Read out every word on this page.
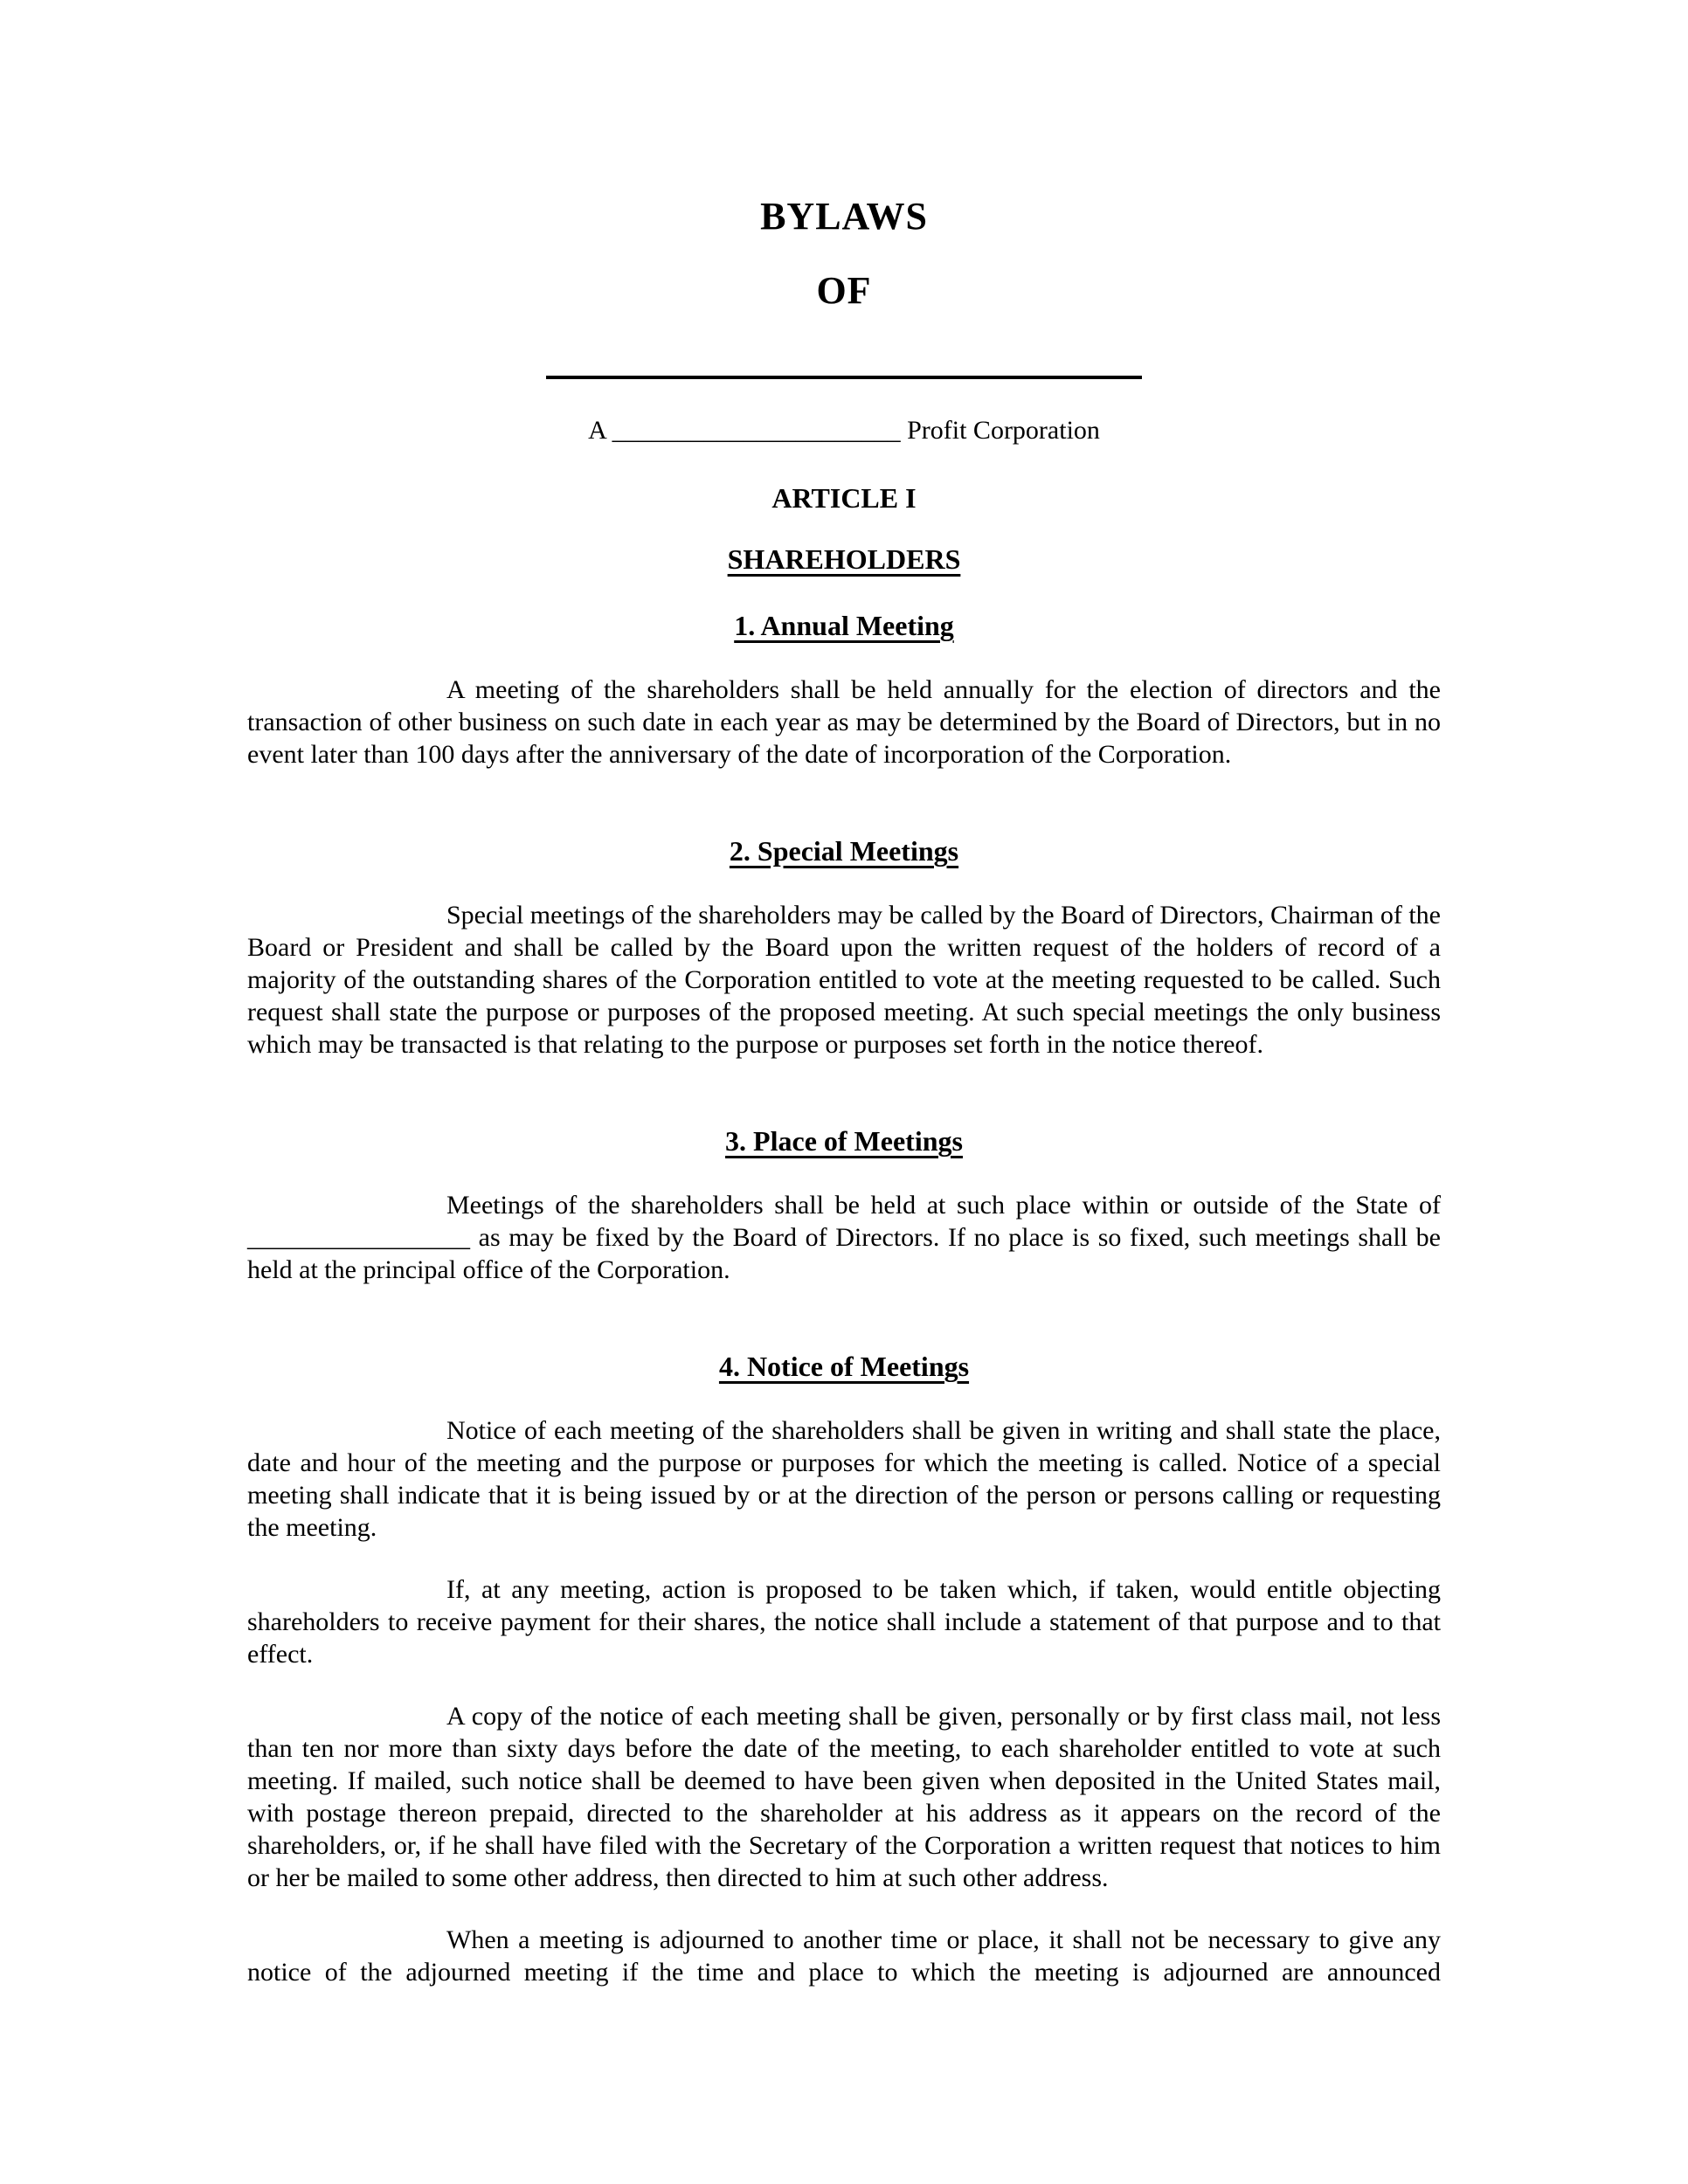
BYLAWS
OF
A ______________________ Profit Corporation
ARTICLE I
SHAREHOLDERS
1. Annual Meeting

A meeting of the shareholders shall be held annually for the election of directors and the transaction of other business on such date in each year as may be determined by the Board of Directors, but in no event later than 100 days after the anniversary of the date of incorporation of the Corporation.

2. Special Meetings

Special meetings of the shareholders may be called by the Board of Directors, Chairman of the Board or President and shall be called by the Board upon the written request of the holders of record of a majority of the outstanding shares of the Corporation entitled to vote at the meeting requested to be called. Such request shall state the purpose or purposes of the proposed meeting. At such special meetings the only business which may be transacted is that relating to the purpose or purposes set forth in the notice thereof.

3. Place of Meetings

Meetings of the shareholders shall be held at such place within or outside of the State of _________________ as may be fixed by the Board of Directors. If no place is so fixed, such meetings shall be held at the principal office of the Corporation.

4. Notice of Meetings

Notice of each meeting of the shareholders shall be given in writing and shall state the place, date and hour of the meeting and the purpose or purposes for which the meeting is called. Notice of a special meeting shall indicate that it is being issued by or at the direction of the person or persons calling or requesting the meeting.

If, at any meeting, action is proposed to be taken which, if taken, would entitle objecting shareholders to receive payment for their shares, the notice shall include a statement of that purpose and to that effect.

A copy of the notice of each meeting shall be given, personally or by first class mail, not less than ten nor more than sixty days before the date of the meeting, to each shareholder entitled to vote at such meeting. If mailed, such notice shall be deemed to have been given when deposited in the United States mail, with postage thereon prepaid, directed to the shareholder at his address as it appears on the record of the shareholders, or, if he shall have filed with the Secretary of the Corporation a written request that notices to him or her be mailed to some other address, then directed to him at such other address.

When a meeting is adjourned to another time or place, it shall not be necessary to give any notice of the adjourned meeting if the time and place to which the meeting is adjourned are announced
